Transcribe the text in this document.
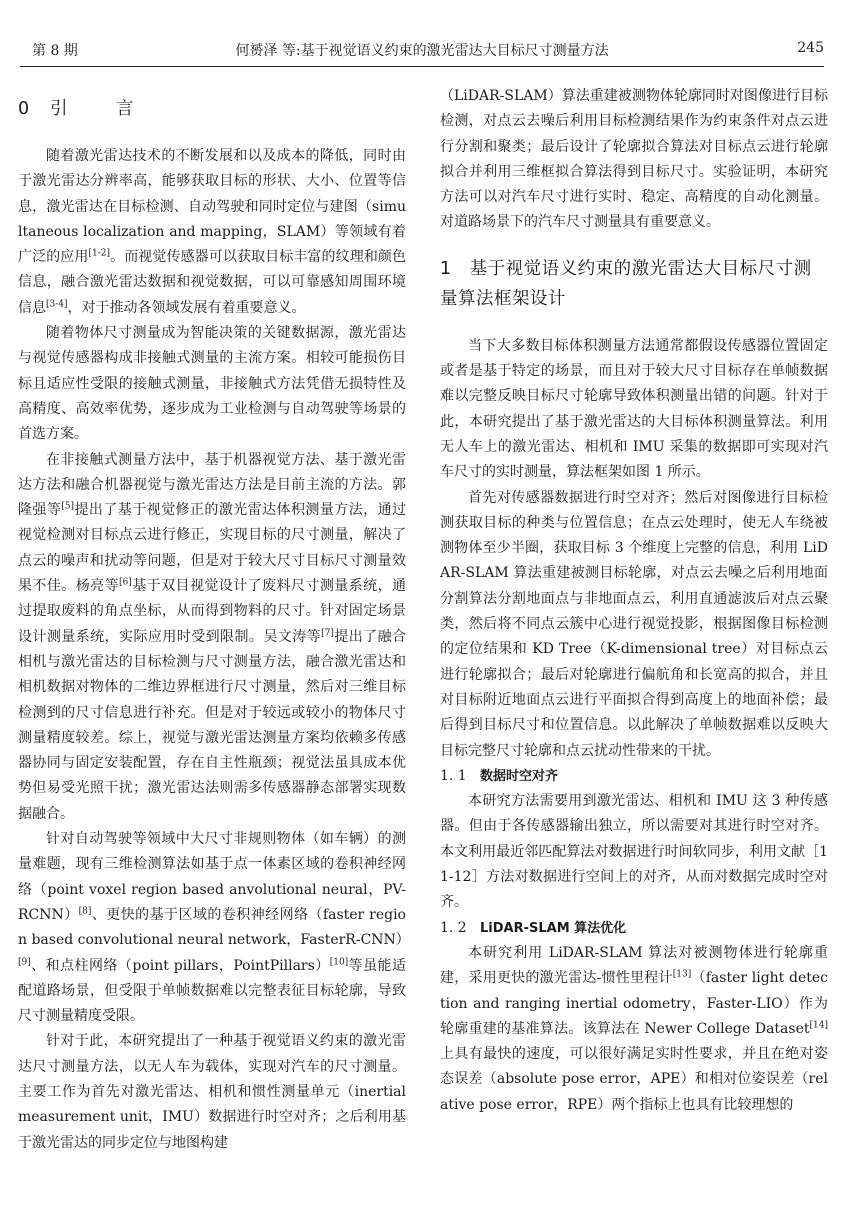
第 8 期	何赟泽 等:基于视觉语义约束的激光雷达大目标尺寸测量方法	245
0 引	言

随着激光雷达技术的不断发展和以及成本的降低，同时由于激光雷达分辨率高，能够获取目标的形状、大小、位置等信息，激光雷达在目标检测、自动驾驶和同时定位与建图（simultaneous localization and mapping，SLAM）等领域有着广泛的应用[1-2]。而视觉传感器可以获取目标丰富的纹理和颜色信息，融合激光雷达数据和视觉数据，可以可靠感知周围环境信息[3-4]，对于推动各领域发展有着重要意义。

随着物体尺寸测量成为智能决策的关键数据源，激光雷达与视觉传感器构成非接触式测量的主流方案。相较可能损伤目标且适应性受限的接触式测量，非接触式方法凭借无损特性及高精度、高效率优势，逐步成为工业检测与自动驾驶等场景的首选方案。

在非接触式测量方法中，基于机器视觉方法、基于激光雷达方法和融合机器视觉与激光雷达方法是目前主流的方法。郭隆强等[5]提出了基于视觉修正的激光雷达体积测量方法，通过视觉检测对目标点云进行修正，实现目标的尺寸测量，解决了点云的噪声和扰动等问题，但是对于较大尺寸目标尺寸测量效果不佳。杨亮等[6]基于双目视觉设计了废料尺寸测量系统，通过提取废料的角点坐标，从而得到物料的尺寸。针对固定场景设计测量系统，实际应用时受到限制。吴文涛等[7]提出了融合相机与激光雷达的目标检测与尺寸测量方法，融合激光雷达和相机数据对物体的二维边界框进行尺寸测量，然后对三维目标检测到的尺寸信息进行补充。但是对于较远或较小的物体尺寸测量精度较差。综上，视觉与激光雷达测量方案均依赖多传感器协同与固定安装配置，存在自主性瓶颈；视觉法虽具成本优势但易受光照干扰；激光雷达法则需多传感器静态部署实现数据融合。

针对自动驾驶等领域中大尺寸非规则物体（如车辆）的测量难题，现有三维检测算法如基于点一体素区域的卷积神经网络（point voxel region based anvolutional neural，PV-RCNN）[8]、更快的基于区域的卷积神经网络（faster region based convolutional neural network，FasterR-CNN）[9]、和点柱网络（point pillars，PointPillars）[10]等虽能适配道路场景，但受限于单帧数据难以完整表征目标轮廓，导致尺寸测量精度受限。

针对于此，本研究提出了一种基于视觉语义约束的激光雷达尺寸测量方法，以无人车为载体，实现对汽车的尺寸测量。主要工作为首先对激光雷达、相机和惯性测量单元（inertial measurement unit，IMU）数据进行时空对齐；之后利用基于激光雷达的同步定位与地图构建

（LiDAR-SLAM）算法重建被测物体轮廓同时对图像进行目标检测，对点云去噪后利用目标检测结果作为约束条件对点云进行分割和聚类；最后设计了轮廓拟合算法对目标点云进行轮廓拟合并利用三维框拟合算法得到目标尺寸。实验证明，本研究方法可以对汽车尺寸进行实时、稳定、高精度的自动化测量。对道路场景下的汽车尺寸测量具有重要意义。

1　基于视觉语义约束的激光雷达大目标尺寸测量算法框架设计

当下大多数目标体积测量方法通常都假设传感器位置固定或者是基于特定的场景，而且对于较大尺寸目标存在单帧数据难以完整反映目标尺寸轮廓导致体积测量出错的问题。针对于此，本研究提出了基于激光雷达的大目标体积测量算法。利用无人车上的激光雷达、相机和 IMU 采集的数据即可实现对汽车尺寸的实时测量，算法框架如图 1 所示。

首先对传感器数据进行时空对齐；然后对图像进行目标检测获取目标的种类与位置信息；在点云处理时，使无人车绕被测物体至少半圈，获取目标 3 个维度上完整的信息，利用 LiDAR-SLAM 算法重建被测目标轮廓，对点云去噪之后利用地面分割算法分割地面点与非地面点云，利用直通滤波后对点云聚类，然后将不同点云簇中心进行视觉投影，根据图像目标检测的定位结果和 KD Tree（K-dimensional tree）对目标点云进行轮廓拟合；最后对轮廓进行偏航角和长宽高的拟合，并且对目标附近地面点云进行平面拟合得到高度上的地面补偿；最后得到目标尺寸和位置信息。以此解决了单帧数据难以反映大目标完整尺寸轮廓和点云扰动性带来的干扰。

1. 1 数据时空对齐

本研究方法需要用到激光雷达、相机和 IMU 这 3 种传感器。但由于各传感器输出独立，所以需要对其进行时空对齐。本文利用最近邻匹配算法对数据进行时间软同步，利用文献［11-12］方法对数据进行空间上的对齐，从而对数据完成时空对齐。

1. 2 LiDAR-SLAM 算法优化

本研究利用 LiDAR-SLAM 算法对被测物体进行轮廓重建，采用更快的激光雷达-惯性里程计[13]（faster light detection and ranging inertial odometry，Faster-LIO）作为轮廓重建的基准算法。该算法在 Newer College Dataset[14]上具有最快的速度，可以很好满足实时性要求，并且在绝对姿态误差（absolute pose error，APE）和相对位姿误差（relative pose error，RPE）两个指标上也具有比较理想的
